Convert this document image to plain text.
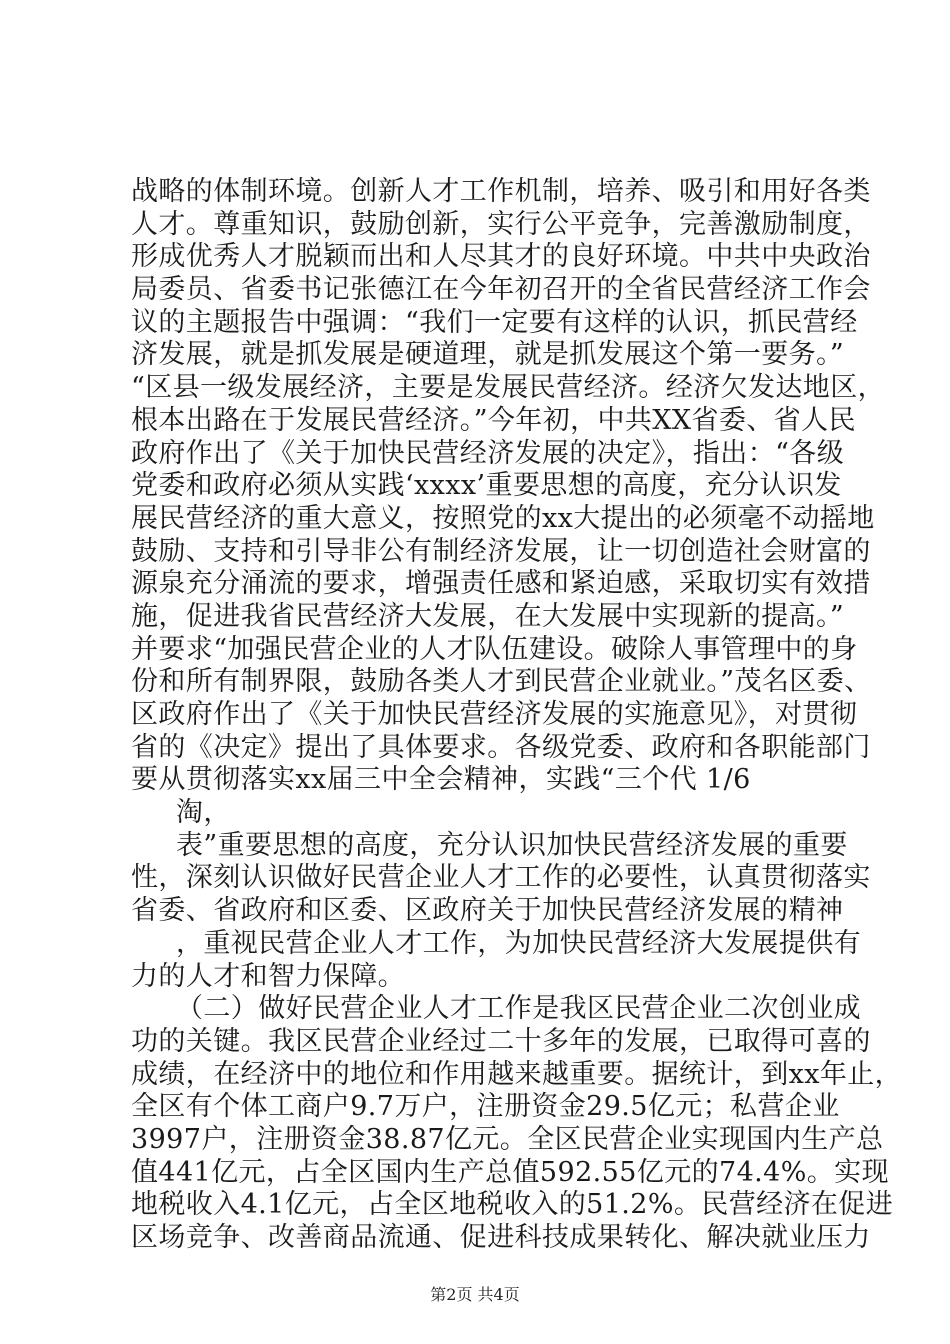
战略的体制环境。创新人才工作机制，培养、吸引和用好各类
人才。尊重知识，鼓励创新，实行公平竞争，完善激励制度，
形成优秀人才脱颖而出和人尽其才的良好环境。中共中央政治
局委员、省委书记张德江在今年初召开的全省民营经济工作会
议的主题报告中强调：“我们一定要有这样的认识，抓民营经
济发展，就是抓发展是硬道理，就是抓发展这个第一要务。”
“区县一级发展经济，主要是发展民营经济。经济欠发达地区，
根本出路在于发展民营经济。”今年初，中共XX省委、省人民
政府作出了《关于加快民营经济发展的决定》，指出：“各级
党委和政府必须从实践‘xxxx’重要思想的高度，充分认识发
展民营经济的重大意义，按照党的xx大提出的必须毫不动摇地
鼓励、支持和引导非公有制经济发展，让一切创造社会财富的
源泉充分涌流的要求，增强责任感和紧迫感，采取切实有效措
施，促进我省民营经济大发展，在大发展中实现新的提高。”
并要求“加强民营企业的人才队伍建设。破除人事管理中的身
份和所有制界限，鼓励各类人才到民营企业就业。”茂名区委、
区政府作出了《关于加快民营经济发展的实施意见》，对贯彻
省的《决定》提出了具体要求。各级党委、政府和各职能部门
要从贯彻落实xx届三中全会精神，实践“三个代 1/6
淘，
表”重要思想的高度，充分认识加快民营经济发展的重要
性，深刻认识做好民营企业人才工作的必要性，认真贯彻落实
省委、省政府和区委、区政府关于加快民营经济发展的精神
，重视民营企业人才工作，为加快民营经济大发展提供有
力的人才和智力保障。
（二）做好民营企业人才工作是我区民营企业二次创业成
功的关键。我区民营企业经过二十多年的发展，已取得可喜的
成绩，在经济中的地位和作用越来越重要。据统计，到xx年止，
全区有个体工商户9.7万户，注册资金29.5亿元；私营企业
3997户，注册资金38.87亿元。全区民营企业实现国内生产总
值441亿元，占全区国内生产总值592.55亿元的74.4%。实现
地税收入4.1亿元，占全区地税收入的51.2%。民营经济在促进
区场竞争、改善商品流通、促进科技成果转化、解决就业压力
第2页 共4页
